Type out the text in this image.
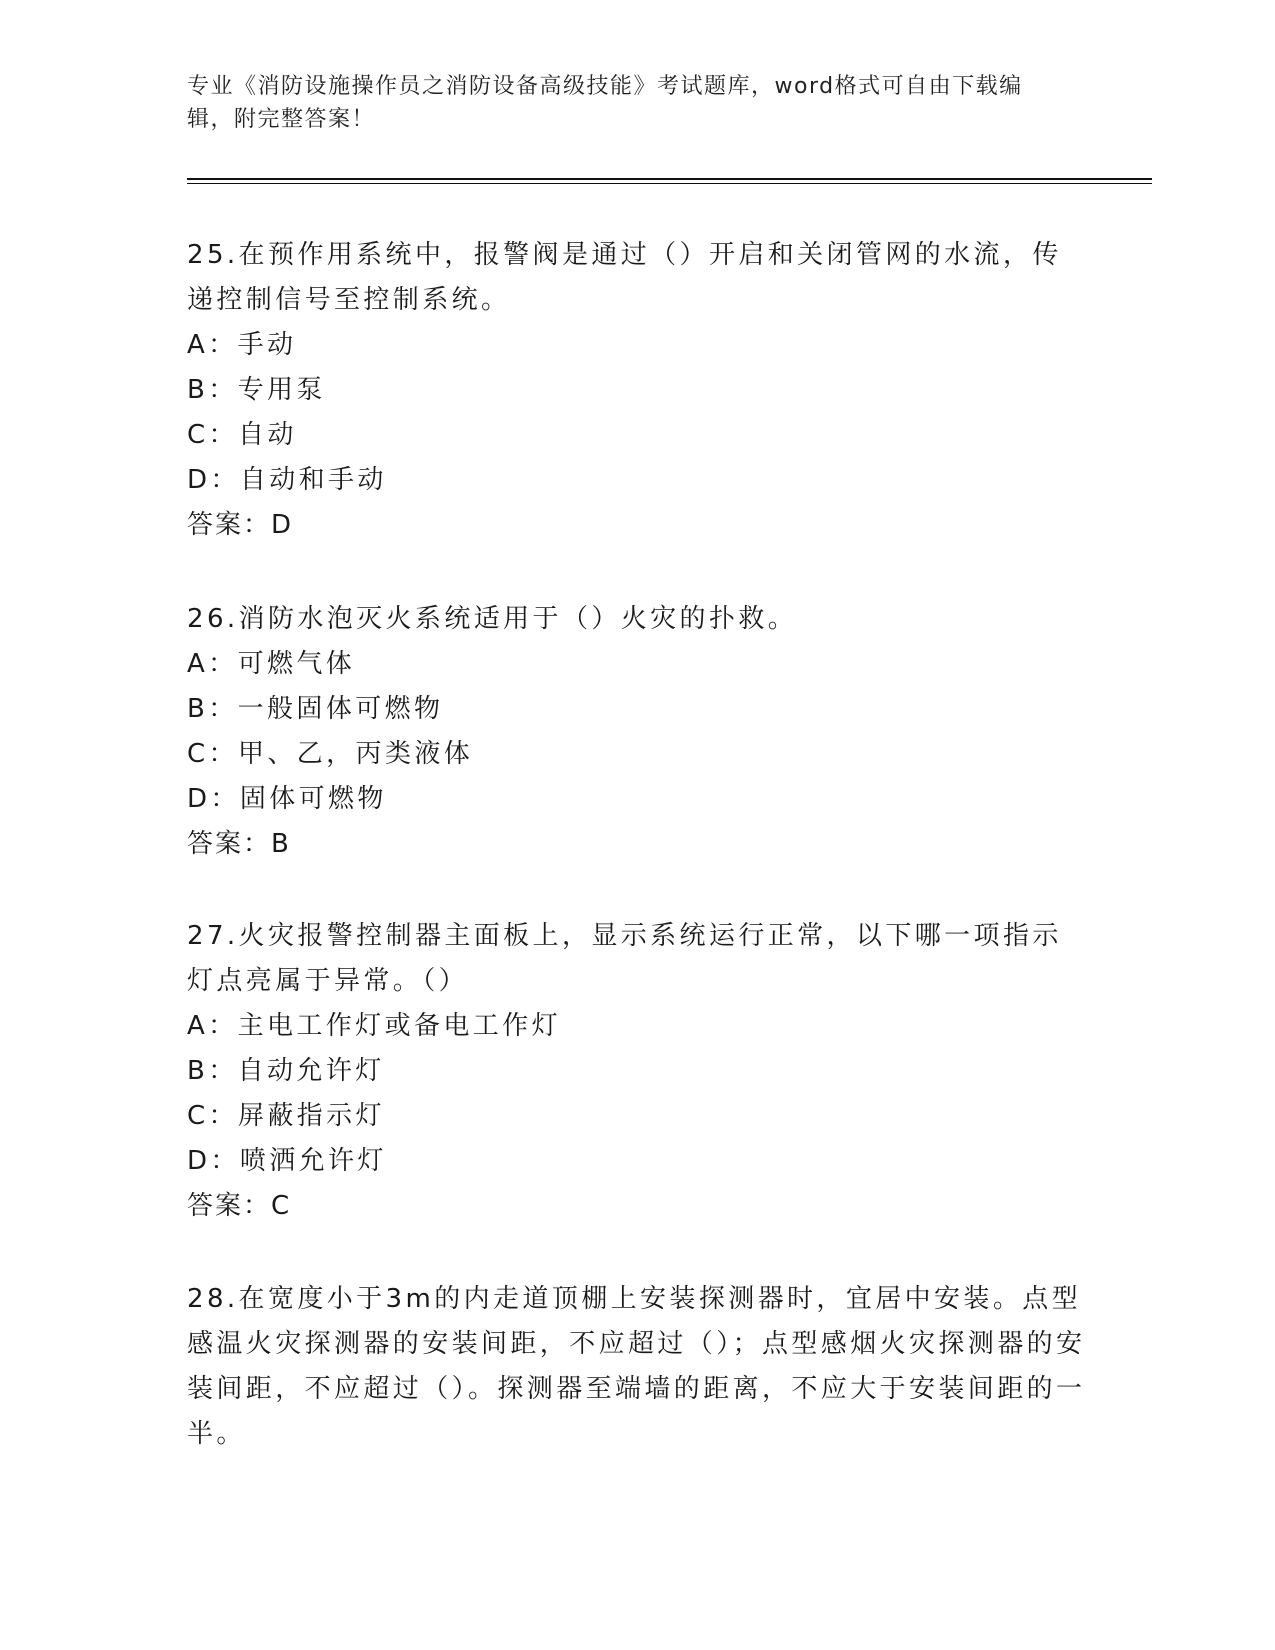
专业《消防设施操作员之消防设备高级技能》考试题库，word格式可自由下载编辑，附完整答案！

25.在预作用系统中，报警阀是通过（）开启和关闭管网的水流，传递控制信号至控制系统。

A：手动

B：专用泵

C：自动

D：自动和手动

答案：D

26.消防水泡灭火系统适用于（）火灾的扑救。

A：可燃气体

B：一般固体可燃物

C：甲、乙，丙类液体

D：固体可燃物

答案：B

27.火灾报警控制器主面板上，显示系统运行正常，以下哪一项指示灯点亮属于异常。（）

A：主电工作灯或备电工作灯

B：自动允许灯

C：屏蔽指示灯

D：喷洒允许灯

答案：C

28.在宽度小于3m的内走道顶棚上安装探测器时，宜居中安装。点型感温火灾探测器的安装间距，不应超过（）；点型感烟火灾探测器的安装间距，不应超过（）。探测器至端墙的距离，不应大于安装间距的一半。
